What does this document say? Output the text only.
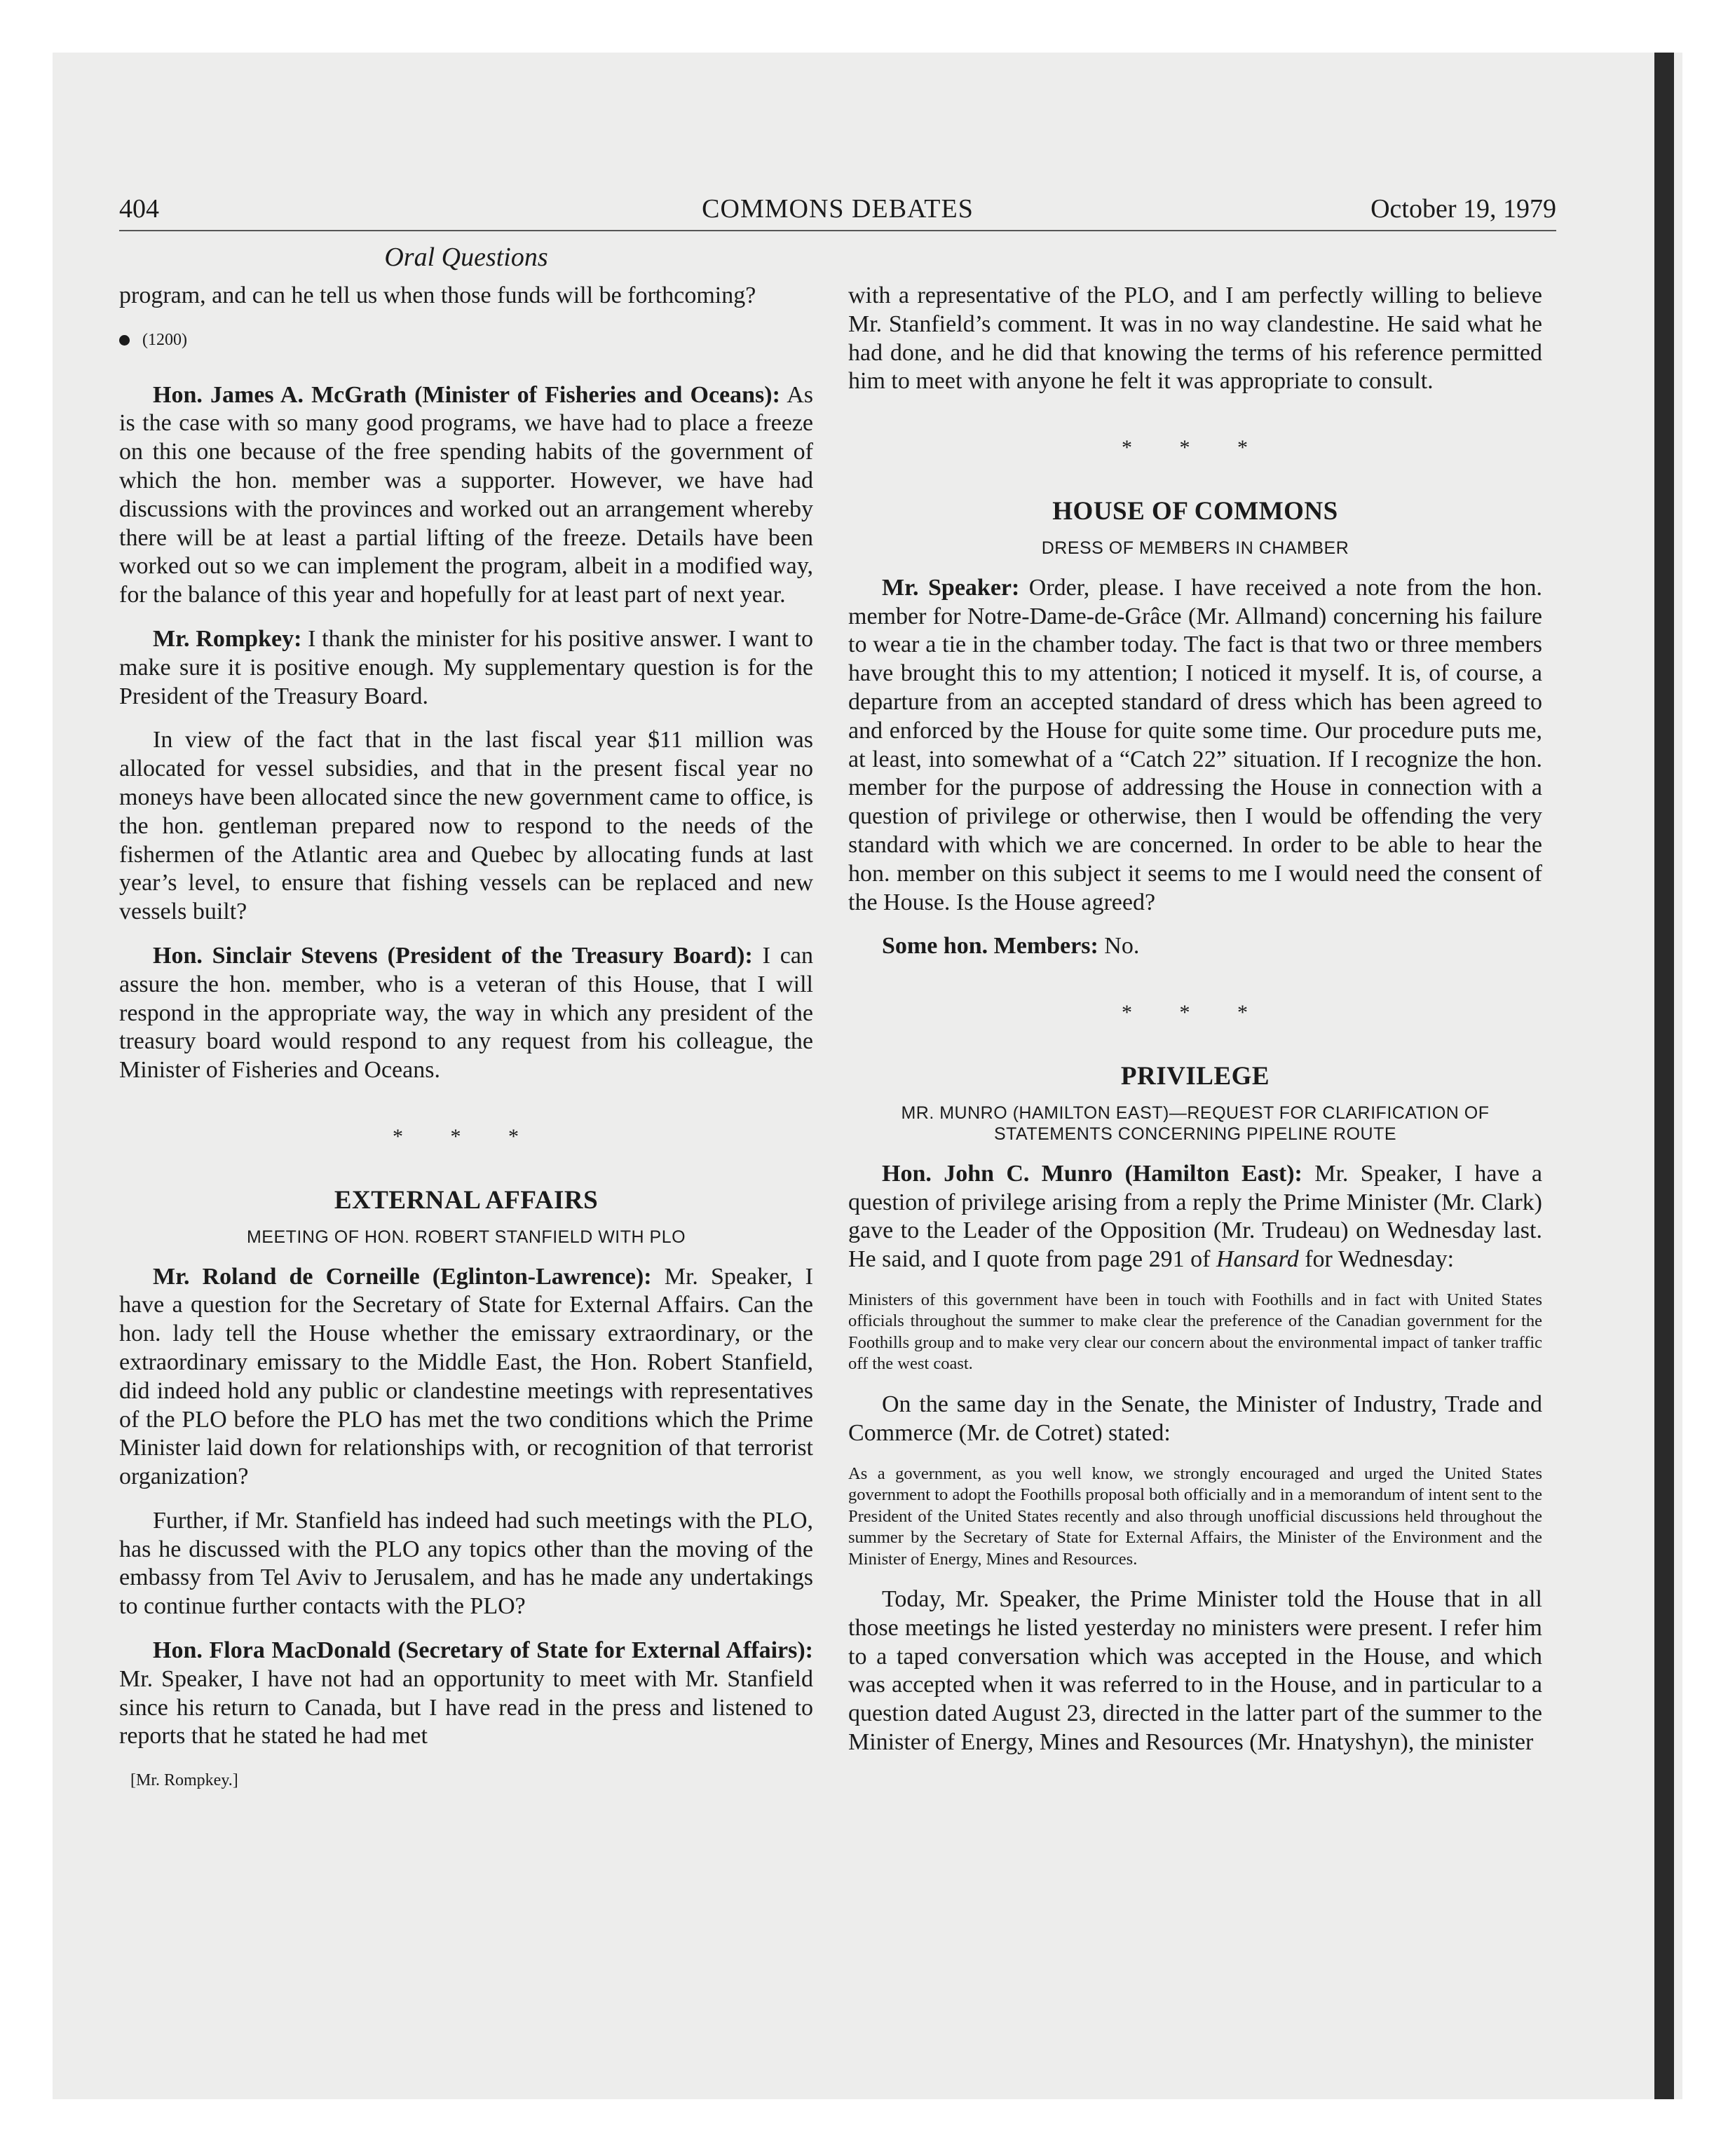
404	COMMONS DEBATES	October 19, 1979
Oral Questions

program, and can he tell us when those funds will be forthcoming?

(1200)

Hon. James A. McGrath (Minister of Fisheries and Oceans): As is the case with so many good programs, we have had to place a freeze on this one because of the free spending habits of the government of which the hon. member was a supporter. However, we have had discussions with the provinces and worked out an arrangement whereby there will be at least a partial lifting of the freeze. Details have been worked out so we can implement the program, albeit in a modified way, for the balance of this year and hopefully for at least part of next year.

Mr. Rompkey: I thank the minister for his positive answer. I want to make sure it is positive enough. My supplementary question is for the President of the Treasury Board.

In view of the fact that in the last fiscal year $11 million was allocated for vessel subsidies, and that in the present fiscal year no moneys have been allocated since the new government came to office, is the hon. gentleman prepared now to respond to the needs of the fishermen of the Atlantic area and Quebec by allocating funds at last year’s level, to ensure that fishing vessels can be replaced and new vessels built?

Hon. Sinclair Stevens (President of the Treasury Board): I can assure the hon. member, who is a veteran of this House, that I will respond in the appropriate way, the way in which any president of the treasury board would respond to any request from his colleague, the Minister of Fisheries and Oceans.

* * *
EXTERNAL AFFAIRS
MEETING OF HON. ROBERT STANFIELD WITH PLO

Mr. Roland de Corneille (Eglinton-Lawrence): Mr. Speaker, I have a question for the Secretary of State for External Affairs. Can the hon. lady tell the House whether the emissary extraordinary, or the extraordinary emissary to the Middle East, the Hon. Robert Stanfield, did indeed hold any public or clandestine meetings with representatives of the PLO before the PLO has met the two conditions which the Prime Minister laid down for relationships with, or recognition of that terrorist organization?

Further, if Mr. Stanfield has indeed had such meetings with the PLO, has he discussed with the PLO any topics other than the moving of the embassy from Tel Aviv to Jerusalem, and has he made any undertakings to continue further contacts with the PLO?

Hon. Flora MacDonald (Secretary of State for External Affairs): Mr. Speaker, I have not had an opportunity to meet with Mr. Stanfield since his return to Canada, but I have read in the press and listened to reports that he stated he had met

[Mr. Rompkey.]

with a representative of the PLO, and I am perfectly willing to believe Mr. Stanfield’s comment. It was in no way clandestine. He said what he had done, and he did that knowing the terms of his reference permitted him to meet with anyone he felt it was appropriate to consult.

* * *
HOUSE OF COMMONS
DRESS OF MEMBERS IN CHAMBER

Mr. Speaker: Order, please. I have received a note from the hon. member for Notre-Dame-de-Grâce (Mr. Allmand) concerning his failure to wear a tie in the chamber today. The fact is that two or three members have brought this to my attention; I noticed it myself. It is, of course, a departure from an accepted standard of dress which has been agreed to and enforced by the House for quite some time. Our procedure puts me, at least, into somewhat of a “Catch 22” situation. If I recognize the hon. member for the purpose of addressing the House in connection with a question of privilege or otherwise, then I would be offending the very standard with which we are concerned. In order to be able to hear the hon. member on this subject it seems to me I would need the consent of the House. Is the House agreed?

Some hon. Members: No.

* * *
PRIVILEGE
MR. MUNRO (HAMILTON EAST)—REQUEST FOR CLARIFICATION OF STATEMENTS CONCERNING PIPELINE ROUTE

Hon. John C. Munro (Hamilton East): Mr. Speaker, I have a question of privilege arising from a reply the Prime Minister (Mr. Clark) gave to the Leader of the Opposition (Mr. Trudeau) on Wednesday last. He said, and I quote from page 291 of Hansard for Wednesday:

Ministers of this government have been in touch with Foothills and in fact with United States officials throughout the summer to make clear the preference of the Canadian government for the Foothills group and to make very clear our concern about the environmental impact of tanker traffic off the west coast.

On the same day in the Senate, the Minister of Industry, Trade and Commerce (Mr. de Cotret) stated:

As a government, as you well know, we strongly encouraged and urged the United States government to adopt the Foothills proposal both officially and in a memorandum of intent sent to the President of the United States recently and also through unofficial discussions held throughout the summer by the Secretary of State for External Affairs, the Minister of the Environment and the Minister of Energy, Mines and Resources.

Today, Mr. Speaker, the Prime Minister told the House that in all those meetings he listed yesterday no ministers were present. I refer him to a taped conversation which was accepted in the House, and which was accepted when it was referred to in the House, and in particular to a question dated August 23, directed in the latter part of the summer to the Minister of Energy, Mines and Resources (Mr. Hnatyshyn), the minister
